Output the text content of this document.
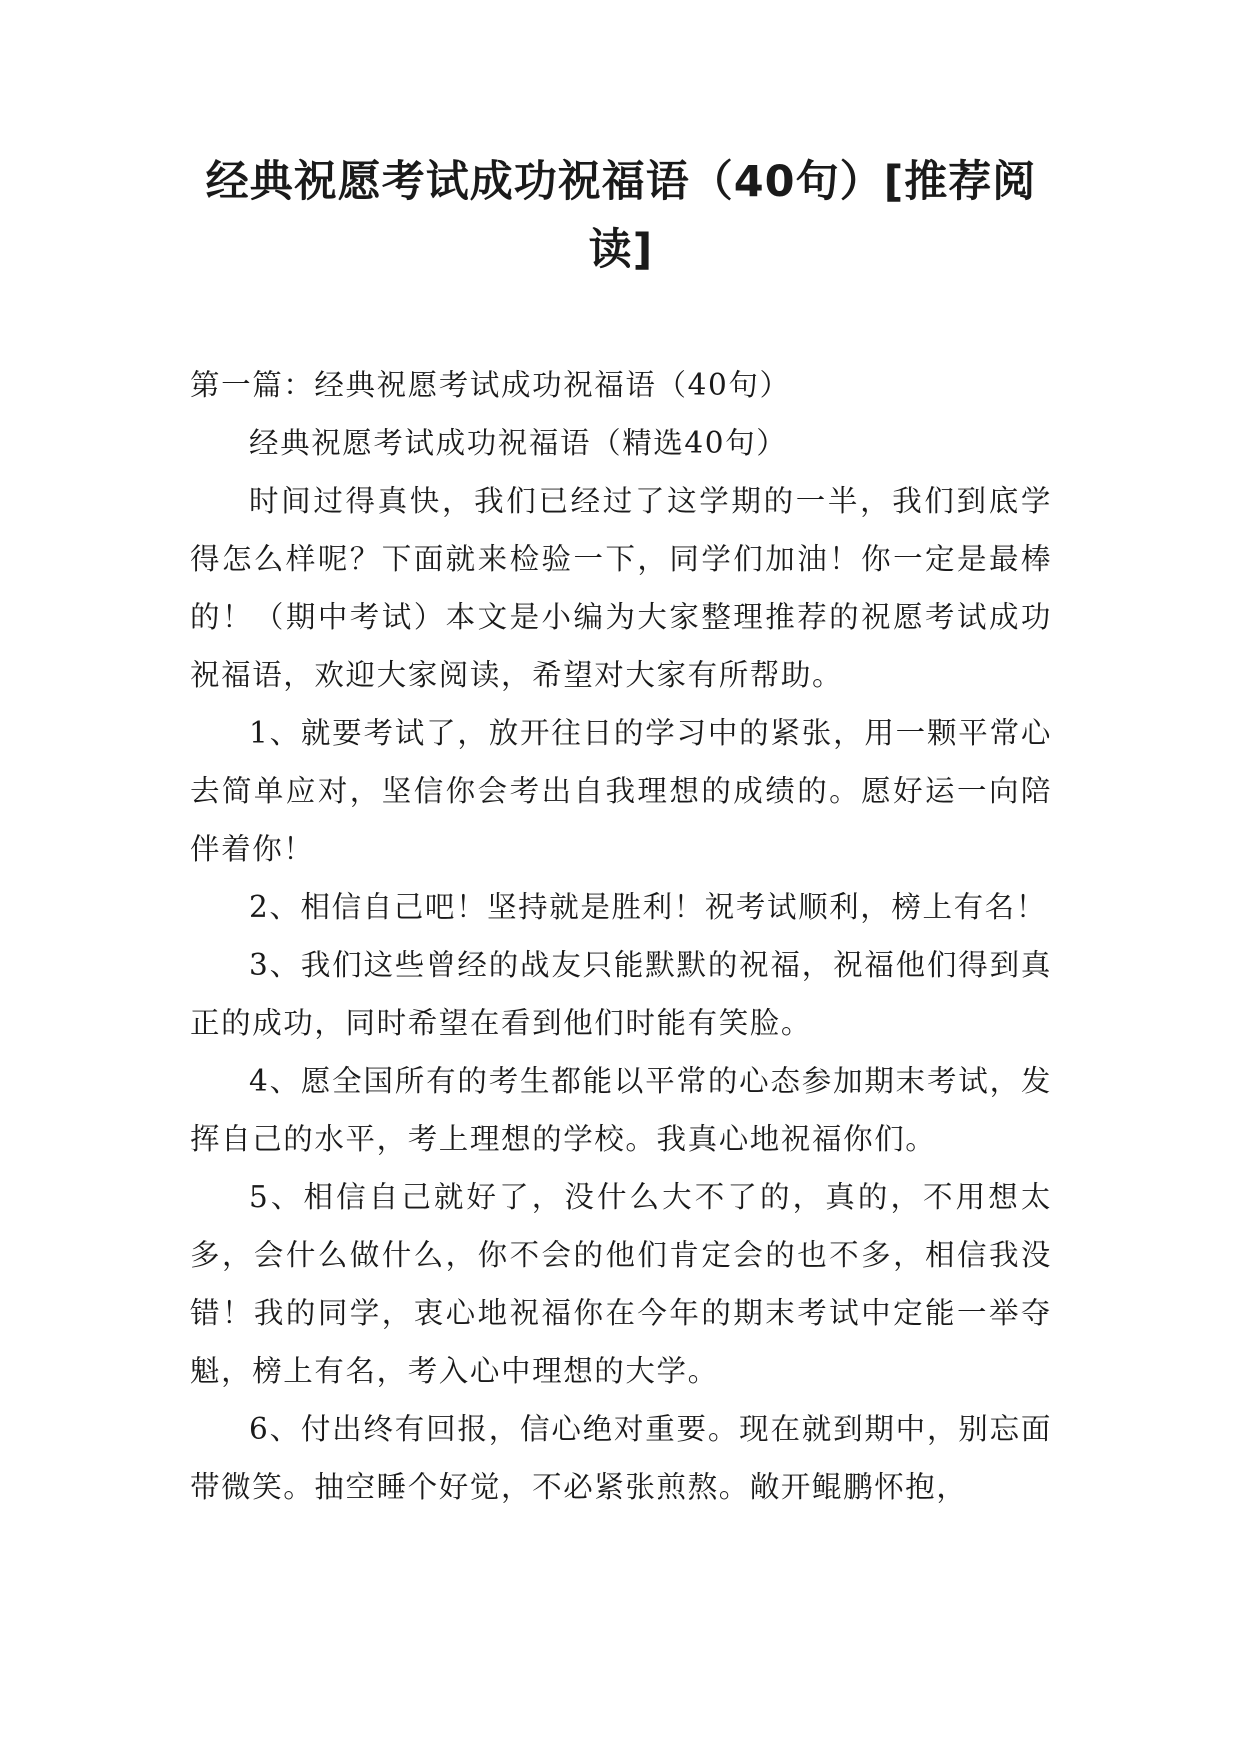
经典祝愿考试成功祝福语（40句）[推荐阅读]

第一篇：经典祝愿考试成功祝福语（40句）

经典祝愿考试成功祝福语（精选40句）

时间过得真快，我们已经过了这学期的一半，我们到底学得怎么样呢？下面就来检验一下，同学们加油！你一定是最棒的！（期中考试）本文是小编为大家整理推荐的祝愿考试成功祝福语，欢迎大家阅读，希望对大家有所帮助。

1、就要考试了，放开往日的学习中的紧张，用一颗平常心去简单应对，坚信你会考出自我理想的成绩的。愿好运一向陪伴着你！

2、相信自己吧！坚持就是胜利！祝考试顺利，榜上有名！

3、我们这些曾经的战友只能默默的祝福，祝福他们得到真正的成功，同时希望在看到他们时能有笑脸。

4、愿全国所有的考生都能以平常的心态参加期末考试，发挥自己的水平，考上理想的学校。我真心地祝福你们。

5、相信自己就好了，没什么大不了的，真的，不用想太多，会什么做什么，你不会的他们肯定会的也不多，相信我没错！我的同学，衷心地祝福你在今年的期末考试中定能一举夺魁，榜上有名，考入心中理想的大学。

6、付出终有回报，信心绝对重要。现在就到期中，别忘面带微笑。抽空睡个好觉，不必紧张煎熬。敞开鲲鹏怀抱，
